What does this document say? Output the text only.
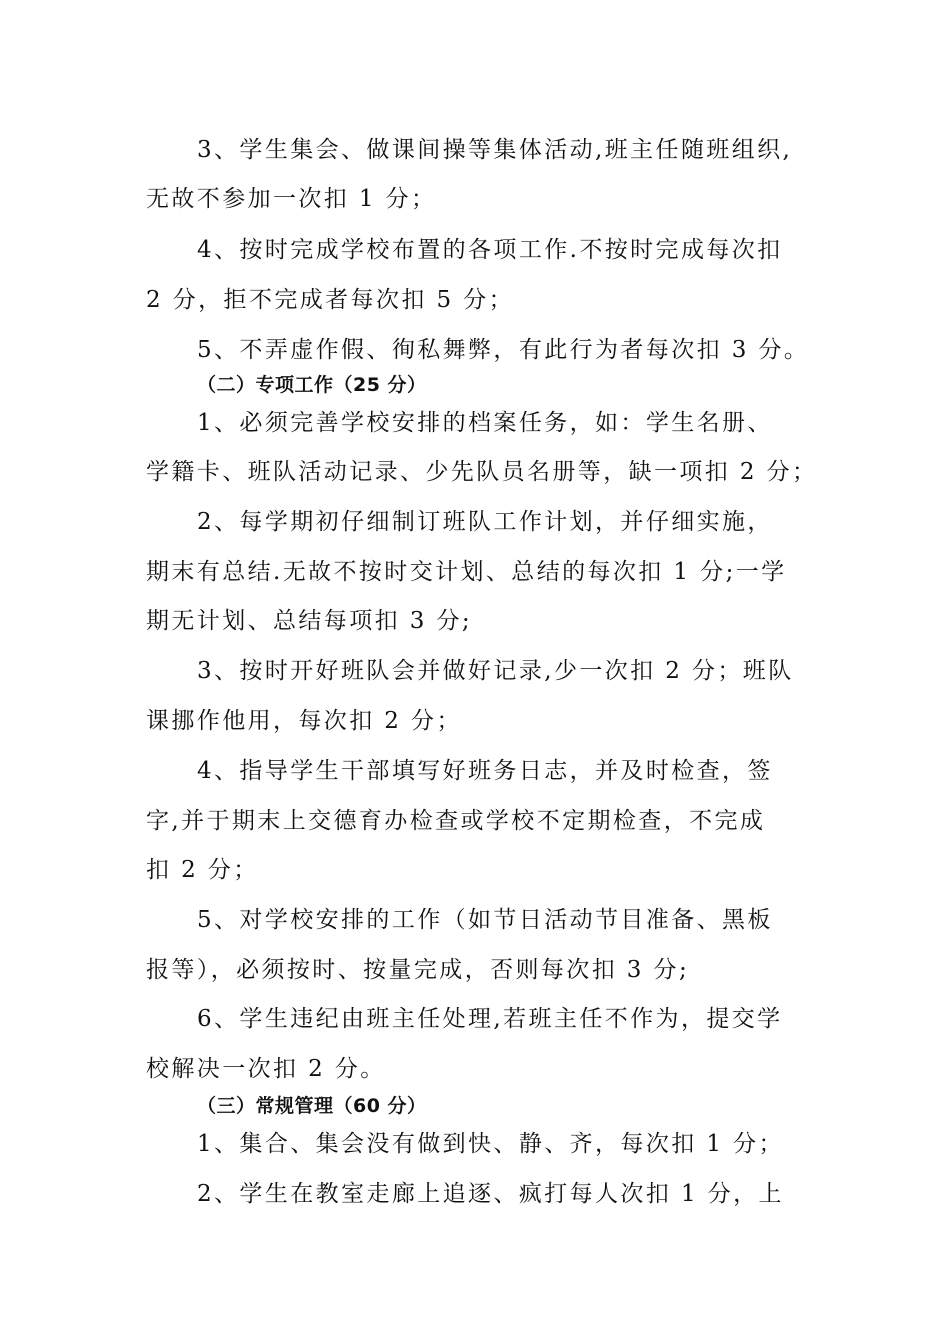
3、学生集会、做课间操等集体活动,班主任随班组织,
无故不参加一次扣 1 分；
4、按时完成学校布置的各项工作.不按时完成每次扣
2 分，拒不完成者每次扣 5 分；
5、不弄虚作假、徇私舞弊，有此行为者每次扣 3 分。
（二）专项工作（25 分）
1、必须完善学校安排的档案任务，如：学生名册、
学籍卡、班队活动记录、少先队员名册等，缺一项扣 2 分；
2、每学期初仔细制订班队工作计划，并仔细实施，
期末有总结.无故不按时交计划、总结的每次扣 1 分;一学
期无计划、总结每项扣 3 分;
3、按时开好班队会并做好记录,少一次扣 2 分；班队
课挪作他用，每次扣 2 分；
4、指导学生干部填写好班务日志，并及时检查，签
字,并于期末上交德育办检查或学校不定期检查，不完成
扣 2 分；
5、对学校安排的工作（如节日活动节目准备、黑板
报等），必须按时、按量完成，否则每次扣 3 分;
6、学生违纪由班主任处理,若班主任不作为，提交学
校解决一次扣 2 分。
（三）常规管理（60 分）
1、集合、集会没有做到快、静、齐，每次扣 1 分；
2、学生在教室走廊上追逐、疯打每人次扣 1 分，上
